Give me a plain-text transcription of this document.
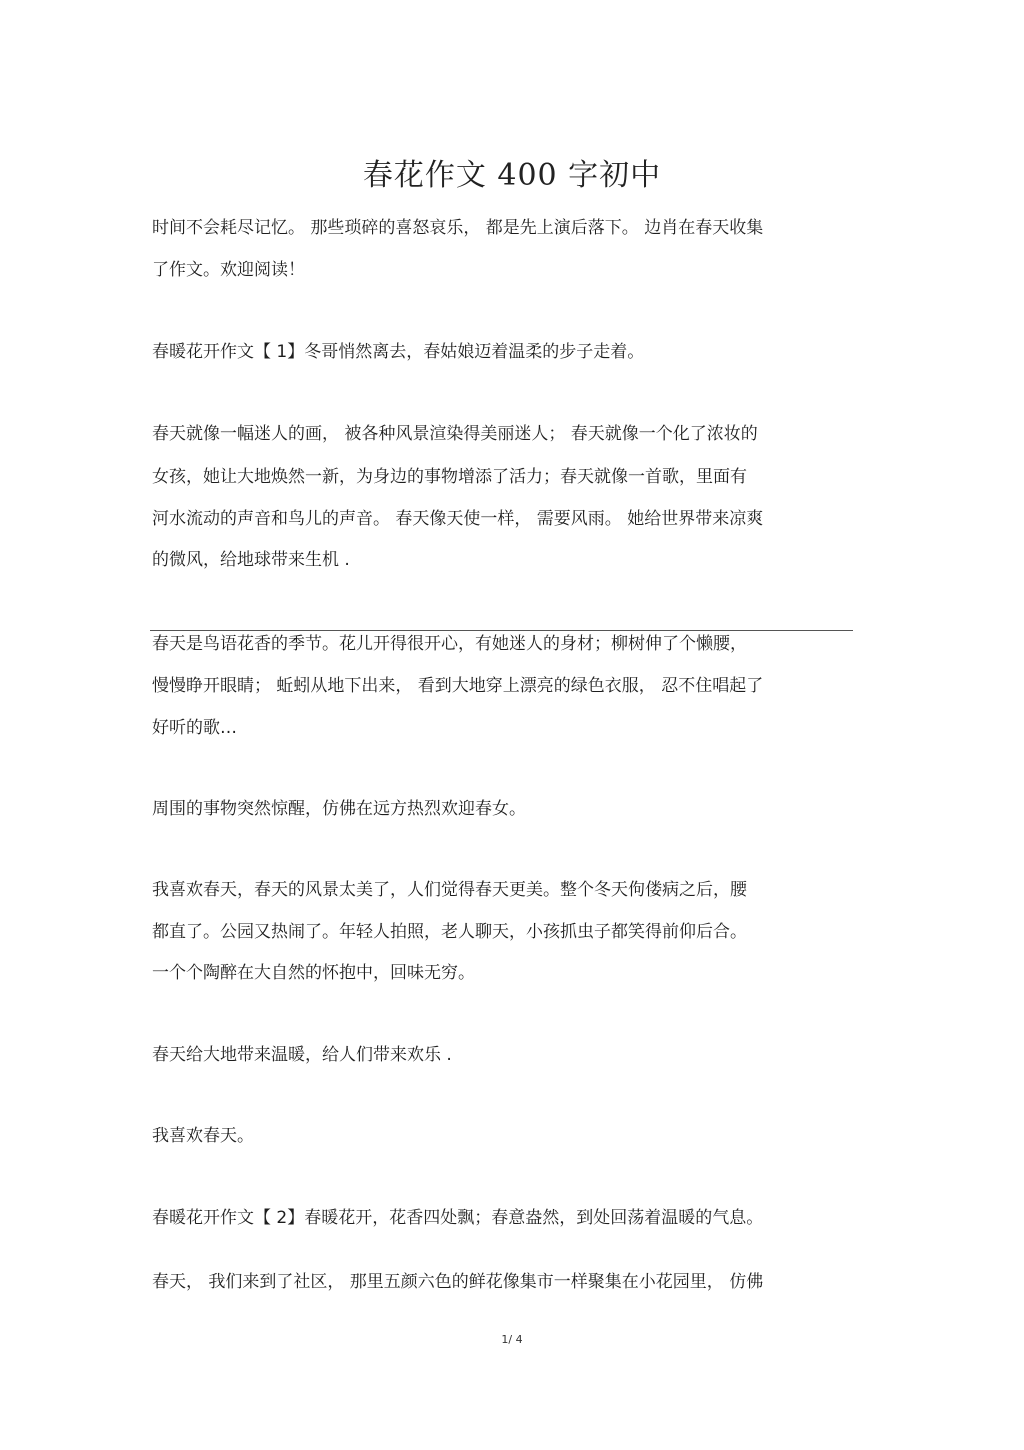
春花作文 400 字初中
时间不会耗尽记忆。 那些琐碎的喜怒哀乐， 都是先上演后落下。 边肖在春天收集
了作文。欢迎阅读！
春暖花开作文【 1】冬哥悄然离去，春姑娘迈着温柔的步子走着。
春天就像一幅迷人的画， 被各种风景渲染得美丽迷人； 春天就像一个化了浓妆的
女孩，她让大地焕然一新，为身边的事物增添了活力；春天就像一首歌，里面有
河水流动的声音和鸟儿的声音。 春天像天使一样， 需要风雨。 她给世界带来凉爽
的微风，给地球带来生机 .
春天是鸟语花香的季节。花儿开得很开心，有她迷人的身材；柳树伸了个懒腰，
慢慢睁开眼睛； 蚯蚓从地下出来， 看到大地穿上漂亮的绿色衣服， 忍不住唱起了
好听的歌…
周围的事物突然惊醒，仿佛在远方热烈欢迎春女。
我喜欢春天，春天的风景太美了，人们觉得春天更美。整个冬天佝偻病之后，腰
都直了。公园又热闹了。年轻人拍照，老人聊天，小孩抓虫子都笑得前仰后合。
一个个陶醉在大自然的怀抱中，回味无穷。
春天给大地带来温暖，给人们带来欢乐 .
我喜欢春天。
春暖花开作文【 2】春暖花开，花香四处飘；春意盎然，到处回荡着温暖的气息。
春天， 我们来到了社区， 那里五颜六色的鲜花像集市一样聚集在小花园里， 仿佛
1/ 4
